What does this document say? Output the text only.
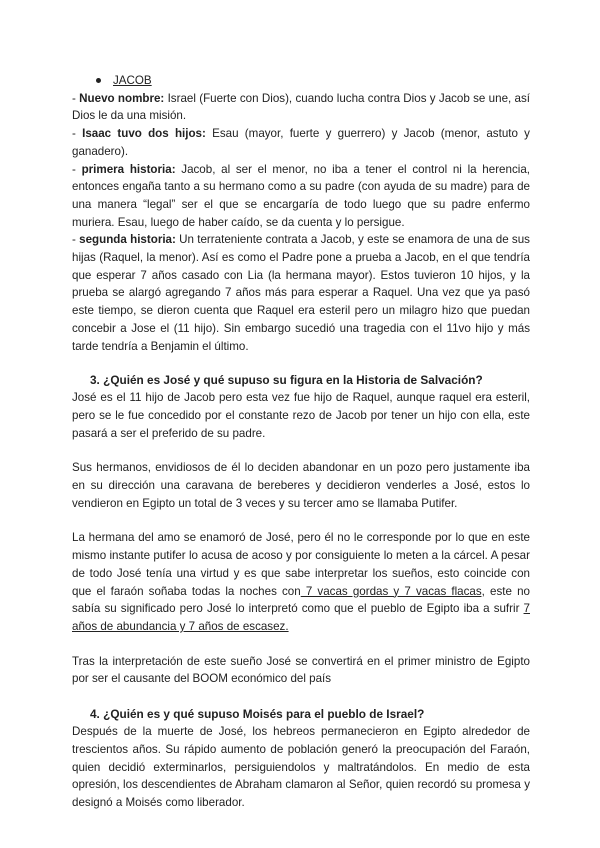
JACOB

- Nuevo nombre: Israel (Fuerte con Dios), cuando lucha contra Dios y Jacob se une, así Dios le da una misión.

- Isaac tuvo dos hijos: Esau (mayor, fuerte y guerrero) y Jacob (menor, astuto y ganadero).

- primera historia: Jacob, al ser el menor, no iba a tener el control ni la herencia, entonces engaña tanto a su hermano como a su padre (con ayuda de su madre) para de una manera “legal” ser el que se encargaría de todo luego que su padre enfermo muriera. Esau, luego de haber caído, se da cuenta y lo persigue.

- segunda historia: Un terrateniente contrata a Jacob, y este se enamora de una de sus hijas (Raquel, la menor). Así es como el Padre pone a prueba a Jacob, en el que tendría que esperar 7 años casado con Lia (la hermana mayor). Estos tuvieron 10 hijos, y la prueba se alargó agregando 7 años más para esperar a Raquel. Una vez que ya pasó este tiempo, se dieron cuenta que Raquel era esteril pero un milagro hizo que puedan concebir a Jose el (11 hijo). Sin embargo sucedió una tragedia con el 11vo hijo y más tarde tendría a Benjamin el último.

3. ¿Quién es José y qué supuso su figura en la Historia de Salvación?

José es el 11 hijo de Jacob pero esta vez fue hijo de Raquel, aunque raquel era esteril, pero se le fue concedido por el constante rezo de Jacob por tener un hijo con ella, este pasará a ser el preferido de su padre.

Sus hermanos, envidiosos de él lo deciden abandonar en un pozo pero justamente iba en su dirección una caravana de bereberes y decidieron venderles a José, estos lo vendieron en Egipto un total de 3 veces y su tercer amo se llamaba Putifer.

La hermana del amo se enamoró de José, pero él no le corresponde por lo que en este mismo instante putifer lo acusa de acoso y por consiguiente lo meten a la cárcel. A pesar de todo José tenía una virtud y es que sabe interpretar los sueños, esto coincide con que el faraón soñaba todas la noches con 7 vacas gordas y 7 vacas flacas, este no sabía su significado pero José lo interpretó como que el pueblo de Egipto iba a sufrir 7 años de abundancia y 7 años de escasez.

Tras la interpretación de este sueño José se convertirá en el primer ministro de Egipto por ser el causante del BOOM económico del país

4. ¿Quién es y qué supuso Moisés para el pueblo de Israel?

Después de la muerte de José, los hebreos permanecieron en Egipto alrededor de trescientos años. Su rápido aumento de población generó la preocupación del Faraón, quien decidió exterminarlos, persiguiendolos y maltratándolos. En medio de esta opresión, los descendientes de Abraham clamaron al Señor, quien recordó su promesa y designó a Moisés como liberador.
